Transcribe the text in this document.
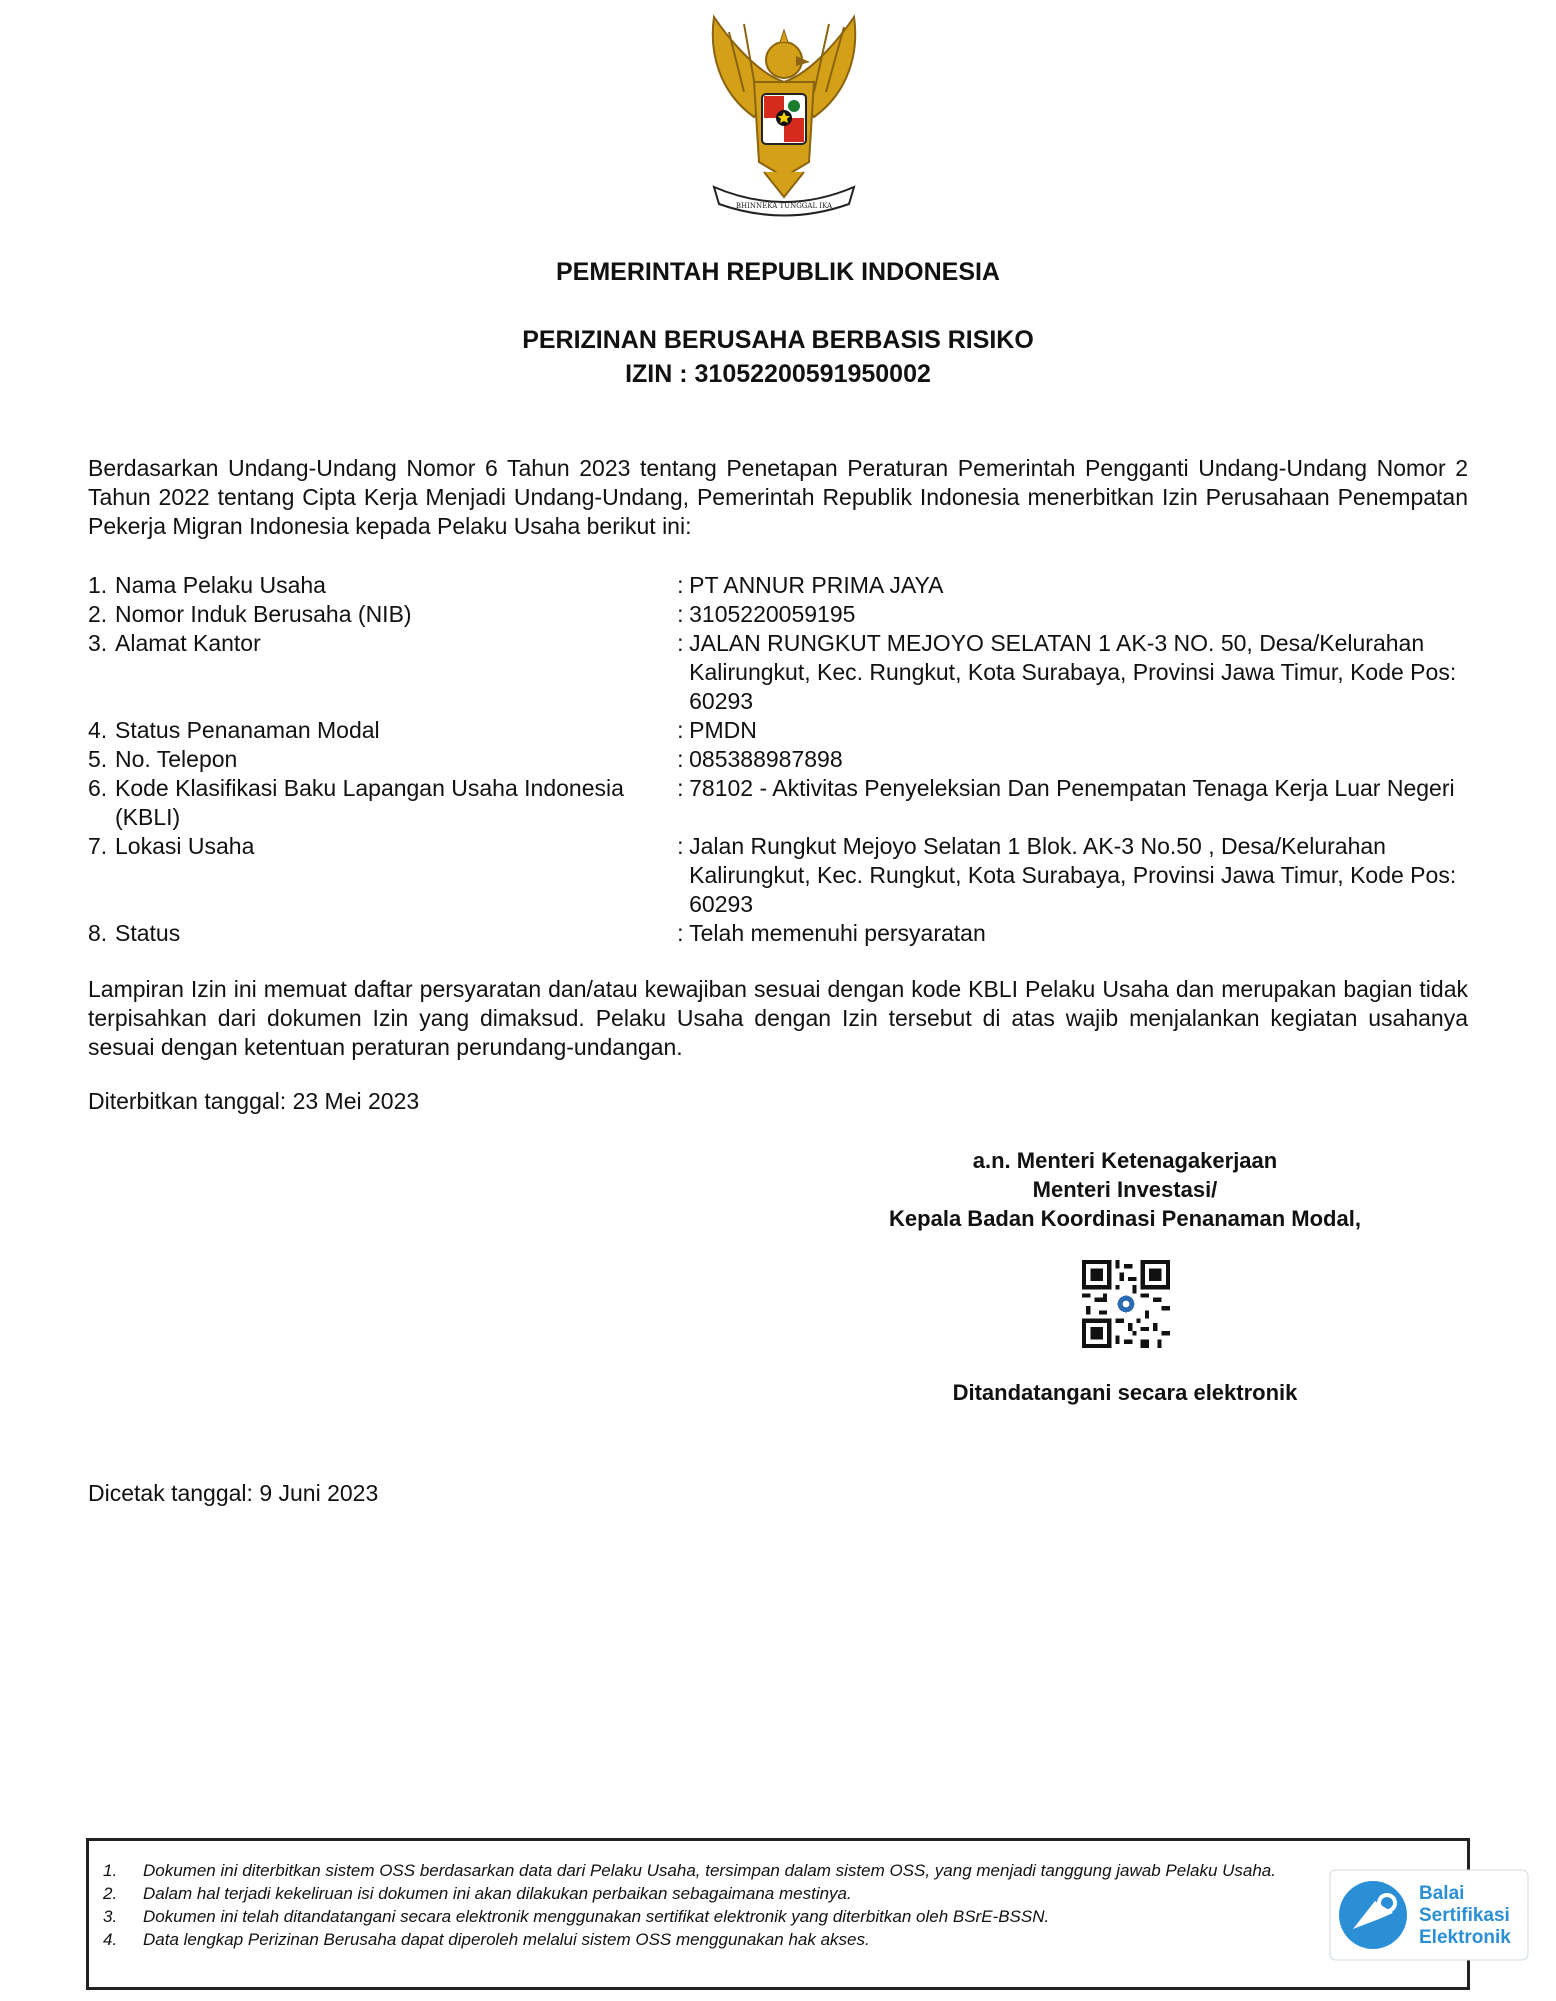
BHINNEKA TUNGGAL IKA
PEMERINTAH REPUBLIK INDONESIA
PERIZINAN BERUSAHA BERBASIS RISIKO
IZIN : 31052200591950002
Berdasarkan Undang-Undang Nomor 6 Tahun 2023 tentang Penetapan Peraturan Pemerintah Pengganti Undang-Undang Nomor 2 Tahun 2022 tentang Cipta Kerja Menjadi Undang-Undang, Pemerintah Republik Indonesia menerbitkan Izin Perusahaan Penempatan Pekerja Migran Indonesia kepada Pelaku Usaha berikut ini:
1. Nama Pelaku Usaha	: PT ANNUR PRIMA JAYA
2. Nomor Induk Berusaha (NIB)	: 3105220059195
3. Alamat Kantor	: JALAN RUNGKUT MEJOYO SELATAN 1 AK-3 NO. 50, Desa/Kelurahan Kalirungkut, Kec. Rungkut, Kota Surabaya, Provinsi Jawa Timur, Kode Pos: 60293
4. Status Penanaman Modal	: PMDN
5. No. Telepon	: 085388987898
6. Kode Klasifikasi Baku Lapangan Usaha Indonesia (KBLI)
: 78102 - Aktivitas Penyeleksian Dan Penempatan Tenaga Kerja Luar Negeri
7. Lokasi Usaha	: Jalan Rungkut Mejoyo Selatan 1 Blok. AK-3 No.50 , Desa/Kelurahan Kalirungkut, Kec. Rungkut, Kota Surabaya, Provinsi Jawa Timur, Kode Pos: 60293
8. Status	: Telah memenuhi persyaratan
Lampiran Izin ini memuat daftar persyaratan dan/atau kewajiban sesuai dengan kode KBLI Pelaku Usaha dan merupakan bagian tidak terpisahkan dari dokumen Izin yang dimaksud. Pelaku Usaha dengan Izin tersebut di atas wajib menjalankan kegiatan usahanya sesuai dengan ketentuan peraturan perundang-undangan.
Diterbitkan tanggal: 23 Mei 2023
a.n. Menteri Ketenagakerjaan
Menteri Investasi/
Kepala Badan Koordinasi Penanaman Modal,
Ditandatangani secara elektronik
Dicetak tanggal: 9 Juni 2023
1.	Dokumen ini diterbitkan sistem OSS berdasarkan data dari Pelaku Usaha, tersimpan dalam sistem OSS, yang menjadi tanggung jawab Pelaku Usaha.
2.	Dalam hal terjadi kekeliruan isi dokumen ini akan dilakukan perbaikan sebagaimana mestinya.
3.	Dokumen ini telah ditandatangani secara elektronik menggunakan sertifikat elektronik yang diterbitkan oleh BSrE-BSSN.
4.	Data lengkap Perizinan Berusaha dapat diperoleh melalui sistem OSS menggunakan hak akses.
Balai
Sertifikasi
Elektronik
